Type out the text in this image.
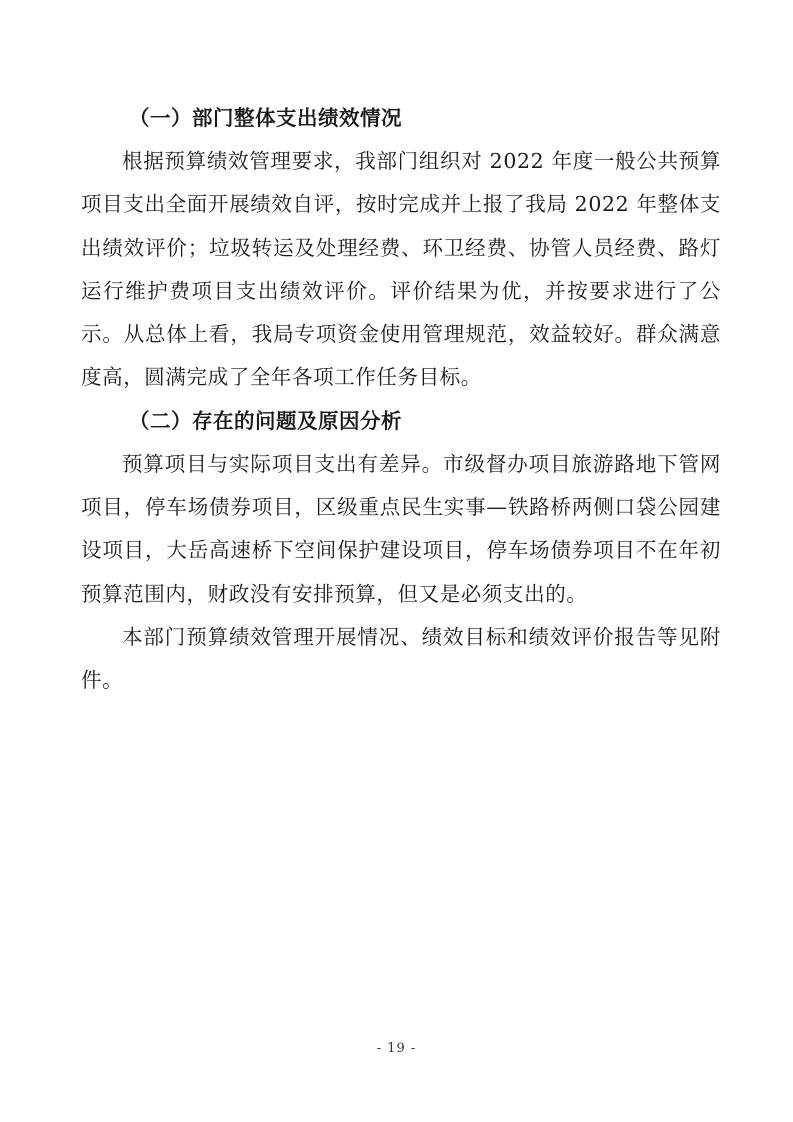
（一）部门整体支出绩效情况

根据预算绩效管理要求，我部门组织对 2022 年度一般公共预算项目支出全面开展绩效自评，按时完成并上报了我局 2022 年整体支出绩效评价；垃圾转运及处理经费、环卫经费、协管人员经费、路灯运行维护费项目支出绩效评价。评价结果为优，并按要求进行了公示。从总体上看，我局专项资金使用管理规范，效益较好。群众满意度高，圆满完成了全年各项工作任务目标。

（二）存在的问题及原因分析

预算项目与实际项目支出有差异。市级督办项目旅游路地下管网项目，停车场债券项目，区级重点民生实事—铁路桥两侧口袋公园建设项目，大岳高速桥下空间保护建设项目，停车场债券项目不在年初预算范围内，财政没有安排预算，但又是必须支出的。

本部门预算绩效管理开展情况、绩效目标和绩效评价报告等见附件。

- 19 -
